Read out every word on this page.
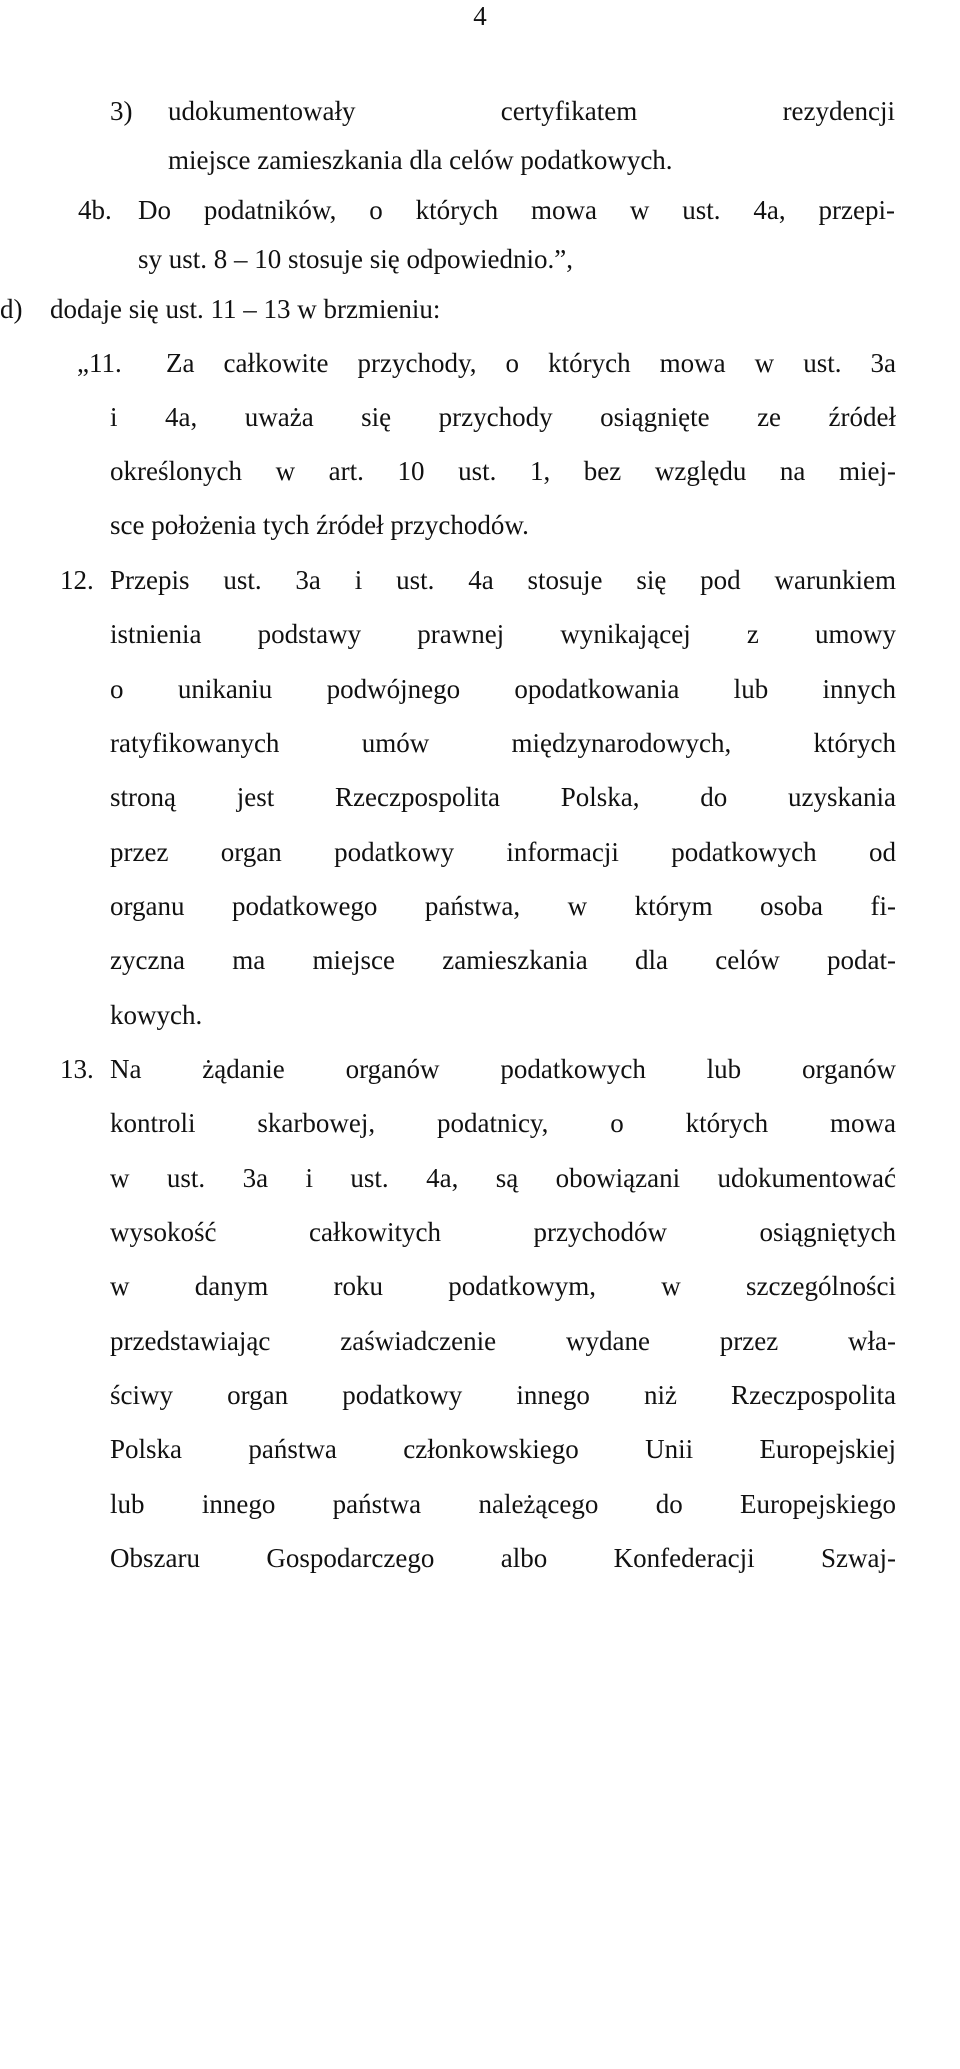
4
3) udokumentowały certyfikatem rezydencji

miejsce zamieszkania dla celów podatkowych.

4b. Do podatników, o których mowa w ust. 4a, przepi-

sy ust. 8 – 10 stosuje się odpowiednio.”,

d) dodaje się ust. 11 – 13 w brzmieniu:

„11. Za całkowite przychody, o których mowa w ust. 3a

i 4a, uważa się przychody osiągnięte ze źródeł

określonych w art. 10 ust. 1, bez względu na miej-

sce położenia tych źródeł przychodów.

12. Przepis ust. 3a i ust. 4a stosuje się pod warunkiem

istnienia podstawy prawnej wynikającej z umowy

o unikaniu podwójnego opodatkowania lub innych

ratyfikowanych umów międzynarodowych, których

stroną jest Rzeczpospolita Polska, do uzyskania

przez organ podatkowy informacji podatkowych od

organu podatkowego państwa, w którym osoba fi-

zyczna ma miejsce zamieszkania dla celów podat-

kowych.

13. Na żądanie organów podatkowych lub organów

kontroli skarbowej, podatnicy, o których mowa

w ust. 3a i ust. 4a, są obowiązani udokumentować

wysokość całkowitych przychodów osiągniętych

w danym roku podatkowym, w szczególności

przedstawiając zaświadczenie wydane przez wła-

ściwy organ podatkowy innego niż Rzeczpospolita

Polska państwa członkowskiego Unii Europejskiej

lub innego państwa należącego do Europejskiego

Obszaru Gospodarczego albo Konfederacji Szwaj-
